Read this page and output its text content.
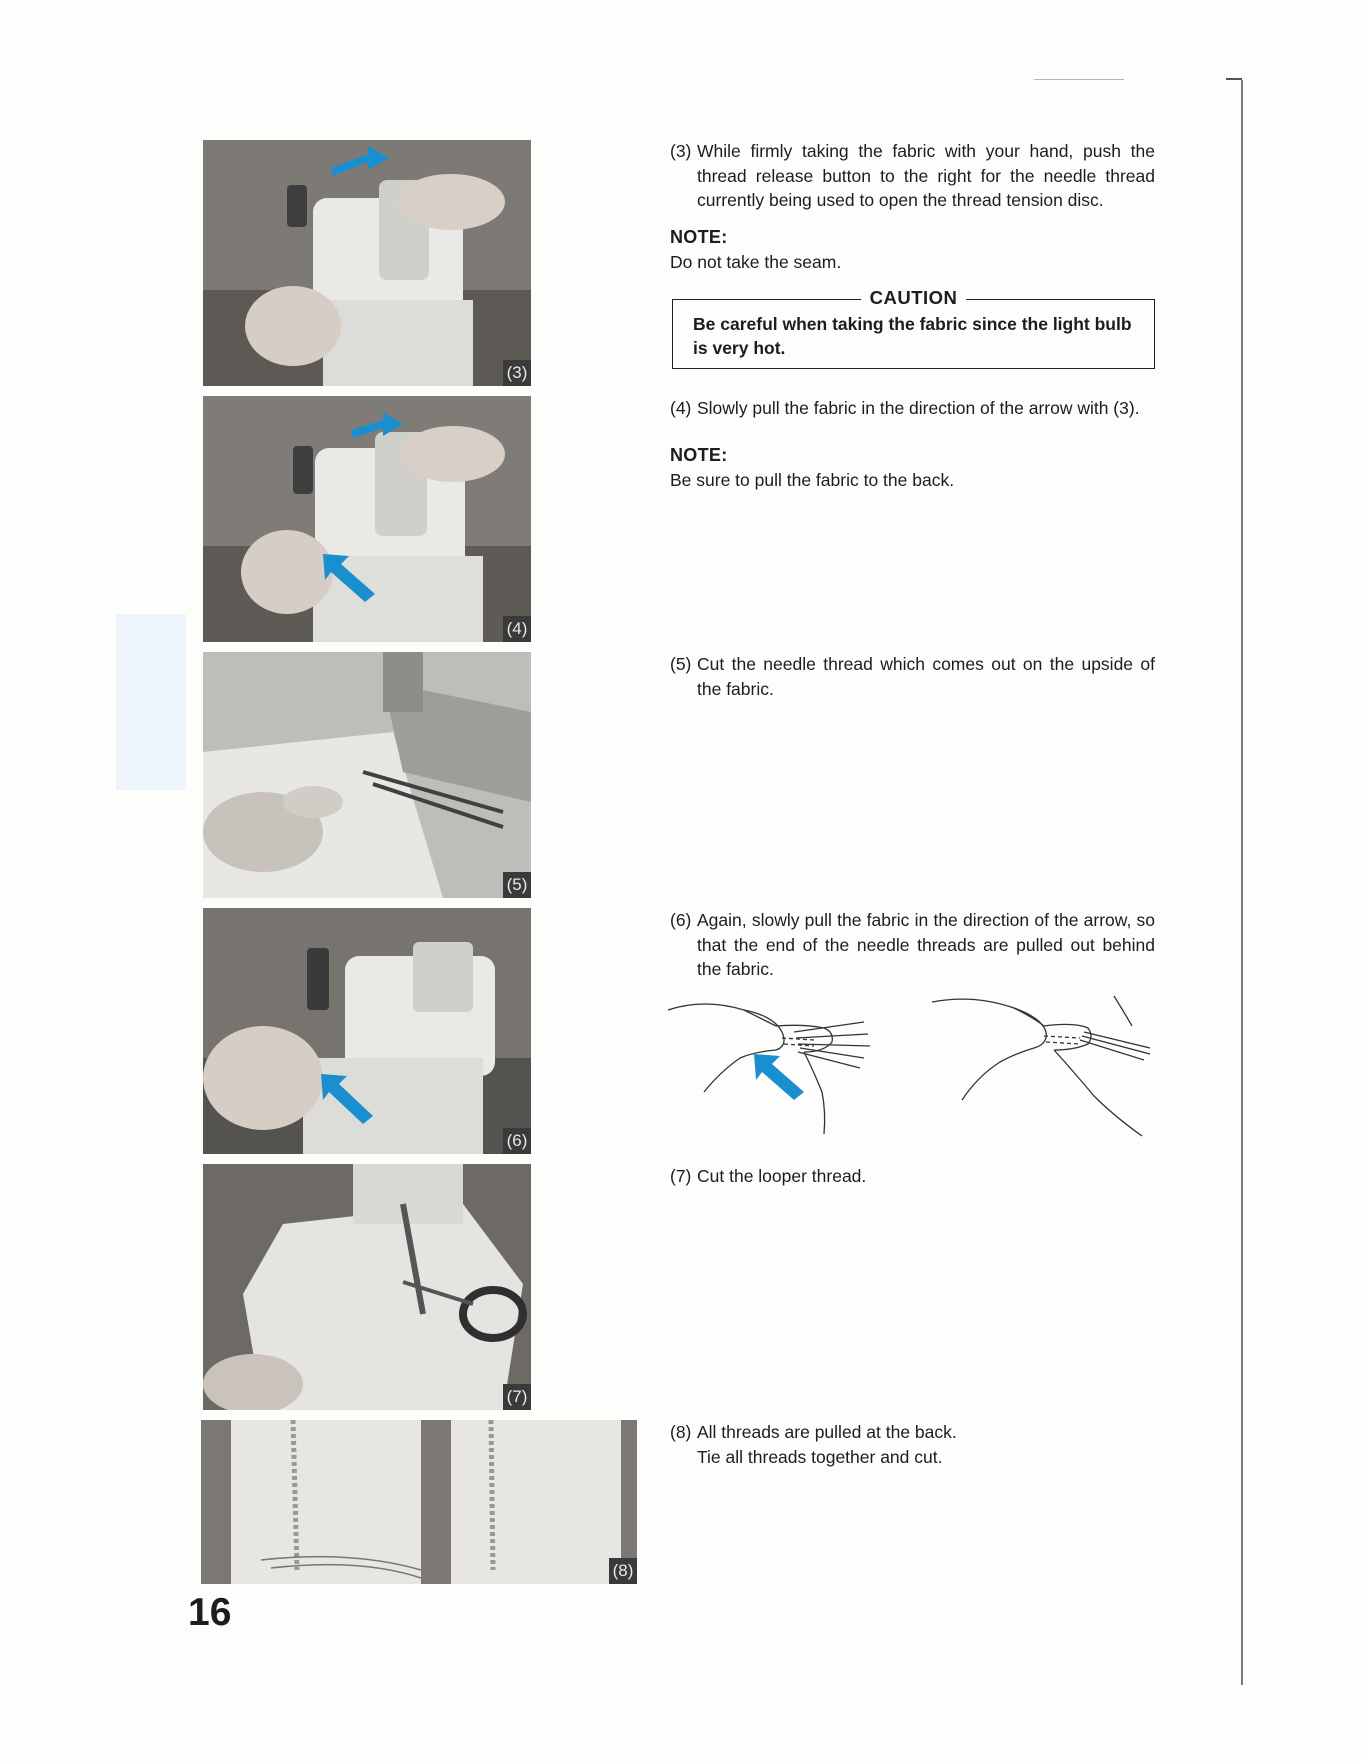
(3)
(4)
(5)
(6)
(7)
(8)
(3) While firmly taking the fabric with your hand, push the thread release button to the right for the needle thread currently being used to open the thread tension disc.
NOTE:
Do not take the seam.
CAUTION
Be careful when taking the fabric since the light bulb is very hot.
(4) Slowly pull the fabric in the direction of the arrow with (3).
NOTE:
Be sure to pull the fabric to the back.
(5) Cut the needle thread which comes out on the upside of the fabric.
(6) Again, slowly pull the fabric in the direction of the arrow, so that the end of the needle threads are pulled out behind the fabric.
(7) Cut the looper thread.
(8) All threads are pulled at the back.
Tie all threads together and cut.
16
